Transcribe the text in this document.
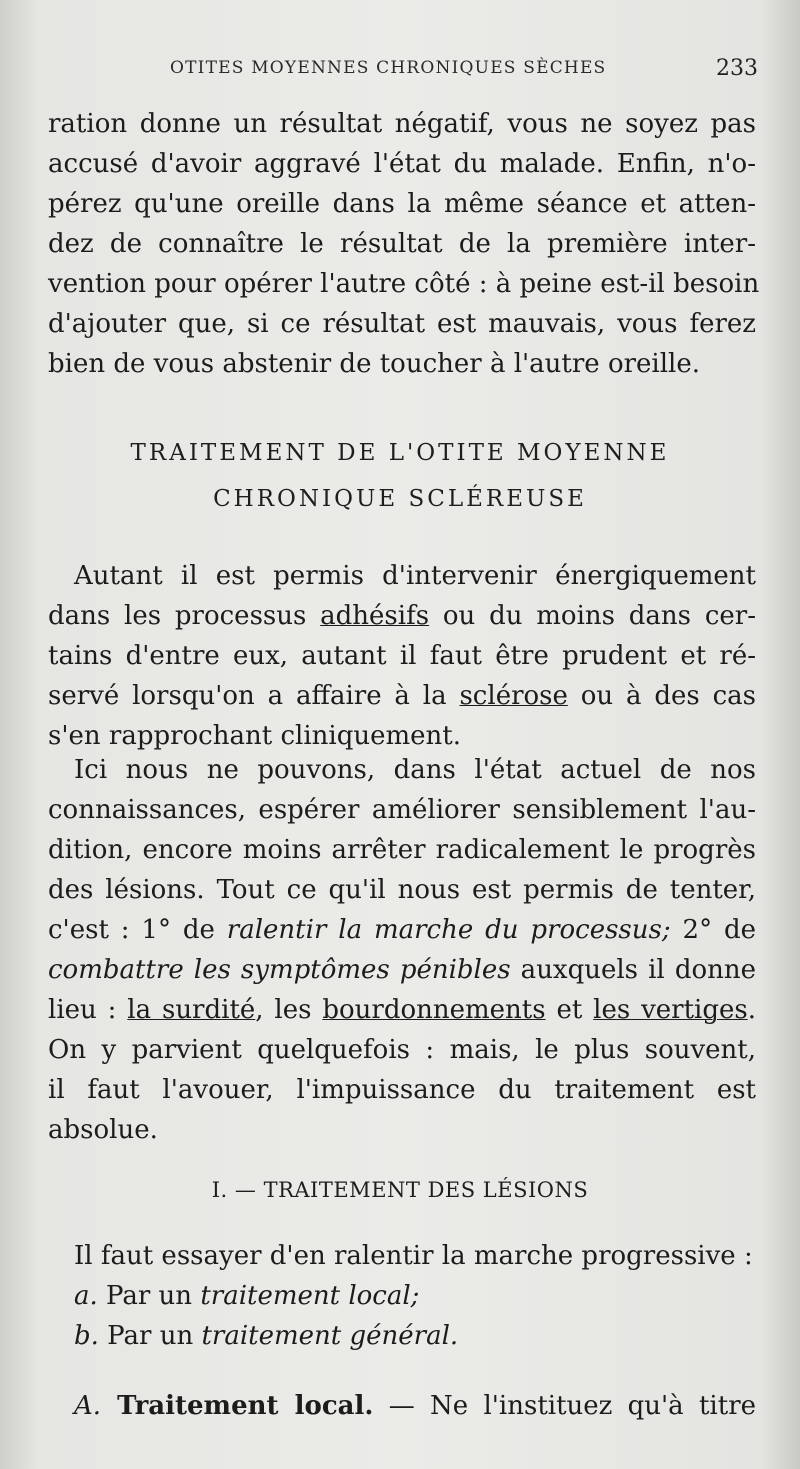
OTITES MOYENNES CHRONIQUES SÈCHES	233
ration donne un résultat négatif, vous ne soyez pas
accusé d'avoir aggravé l'état du malade. Enfin, n'o-
pérez qu'une oreille dans la même séance et atten-
dez de connaître le résultat de la première inter-
vention pour opérer l'autre côté : à peine est-il besoin
d'ajouter que, si ce résultat est mauvais, vous ferez
bien de vous abstenir de toucher à l'autre oreille.
TRAITEMENT DE L'OTITE MOYENNE
CHRONIQUE SCLÉREUSE
Autant il est permis d'intervenir énergiquement
dans les processus adhésifs ou du moins dans cer-
tains d'entre eux, autant il faut être prudent et ré-
servé lorsqu'on a affaire à la sclérose ou à des cas
s'en rapprochant cliniquement.
Ici nous ne pouvons, dans l'état actuel de nos
connaissances, espérer améliorer sensiblement l'au-
dition, encore moins arrêter radicalement le progrès
des lésions. Tout ce qu'il nous est permis de tenter,
c'est : 1° de ralentir la marche du processus; 2° de
combattre les symptômes pénibles auxquels il donne
lieu : la surdité, les bourdonnements et les vertiges.
On y parvient quelquefois : mais, le plus souvent,
il faut l'avouer, l'impuissance du traitement est
absolue.
I. — TRAITEMENT DES LÉSIONS
Il faut essayer d'en ralentir la marche progressive :
a. Par un traitement local;
b. Par un traitement général.
A. Traitement local. — Ne l'instituez qu'à titre
